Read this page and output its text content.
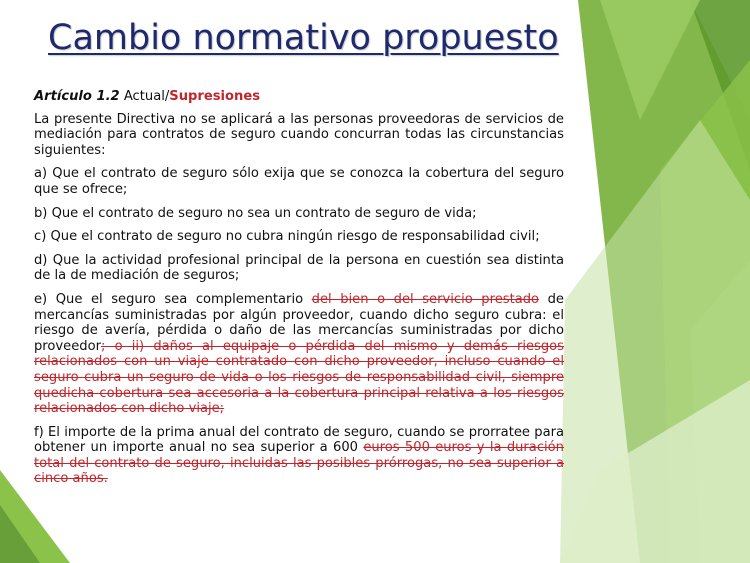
Cambio normativo propuesto

Artículo 1.2 Actual/Supresiones

La presente Directiva no se aplicará a las personas proveedoras de servicios de mediación para contratos de seguro cuando concurran todas las circunstancias siguientes:

a) Que el contrato de seguro sólo exija que se conozca la cobertura del seguro que se ofrece;

b) Que el contrato de seguro no sea un contrato de seguro de vida;

c) Que el contrato de seguro no cubra ningún riesgo de responsabilidad civil;

d) Que la actividad profesional principal de la persona en cuestión sea distinta de la de mediación de seguros;

e) Que el seguro sea complementario del bien o del servicio prestado de mercancías suministradas por algún proveedor, cuando dicho seguro cubra: el riesgo de avería, pérdida o daño de las mercancías suministradas por dicho proveedor; o ii) daños al equipaje o pérdida del mismo y demás riesgos relacionados con un viaje contratado con dicho proveedor, incluso cuando el seguro cubra un seguro de vida o los riesgos de responsabilidad civil, siempre quedicha cobertura sea accesoria a la cobertura principal relativa a los riesgos relacionados con dicho viaje;

f) El importe de la prima anual del contrato de seguro, cuando se prorratee para obtener un importe anual no sea superior a 600 euros 500 euros y la duración total del contrato de seguro, incluidas las posibles prórrogas, no sea superior a cinco años.
